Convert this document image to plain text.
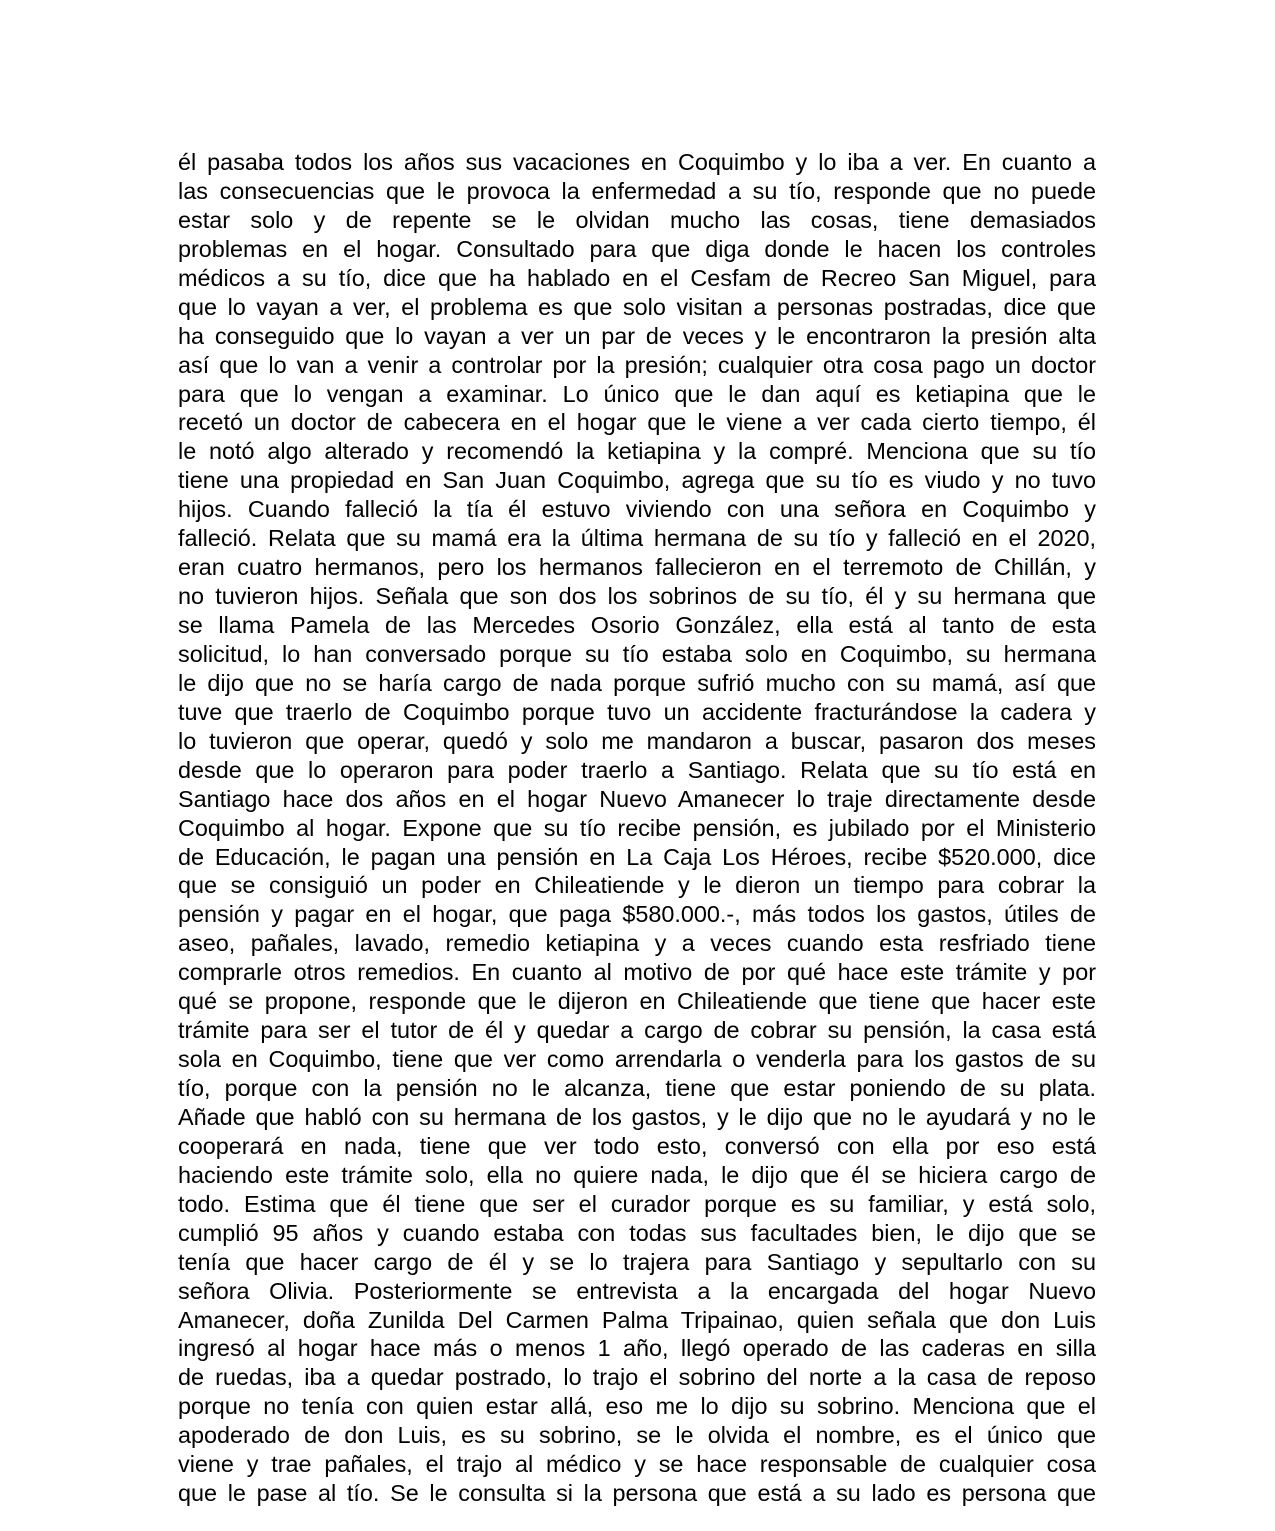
él pasaba todos los años sus vacaciones en Coquimbo y lo iba a ver. En cuanto a
las consecuencias que le provoca la enfermedad a su tío, responde que no puede
estar solo y de repente se le olvidan mucho las cosas, tiene demasiados
problemas en el hogar. Consultado para que diga donde le hacen los controles
médicos a su tío, dice que ha hablado en el Cesfam de Recreo San Miguel, para
que lo vayan a ver, el problema es que solo visitan a personas postradas, dice que
ha conseguido que lo vayan a ver un par de veces y le encontraron la presión alta
así que lo van a venir a controlar por la presión; cualquier otra cosa pago un doctor
para que lo vengan a examinar. Lo único que le dan aquí es ketiapina que le
recetó un doctor de cabecera en el hogar que le viene a ver cada cierto tiempo, él
le notó algo alterado y recomendó la ketiapina y la compré. Menciona que su tío
tiene una propiedad en San Juan Coquimbo, agrega que su tío es viudo y no tuvo
hijos. Cuando falleció la tía él estuvo viviendo con una señora en Coquimbo y
falleció. Relata que su mamá era la última hermana de su tío y falleció en el 2020,
eran cuatro hermanos, pero los hermanos fallecieron en el terremoto de Chillán, y
no tuvieron hijos. Señala que son dos los sobrinos de su tío, él y su hermana que
se llama Pamela de las Mercedes Osorio González, ella está al tanto de esta
solicitud, lo han conversado porque su tío estaba solo en Coquimbo, su hermana
le dijo que no se haría cargo de nada porque sufrió mucho con su mamá, así que
tuve que traerlo de Coquimbo porque tuvo un accidente fracturándose la cadera y
lo tuvieron que operar, quedó y solo me mandaron a buscar, pasaron dos meses
desde que lo operaron para poder traerlo a Santiago. Relata que su tío está en
Santiago hace dos años en el hogar Nuevo Amanecer lo traje directamente desde
Coquimbo al hogar. Expone que su tío recibe pensión, es jubilado por el Ministerio
de Educación, le pagan una pensión en La Caja Los Héroes, recibe $520.000, dice
que se consiguió un poder en Chileatiende y le dieron un tiempo para cobrar la
pensión y pagar en el hogar, que paga $580.000.-, más todos los gastos, útiles de
aseo, pañales, lavado, remedio ketiapina y a veces cuando esta resfriado tiene
comprarle otros remedios. En cuanto al motivo de por qué hace este trámite y por
qué se propone, responde que le dijeron en Chileatiende que tiene que hacer este
trámite para ser el tutor de él y quedar a cargo de cobrar su pensión, la casa está
sola en Coquimbo, tiene que ver como arrendarla o venderla para los gastos de su
tío, porque con la pensión no le alcanza, tiene que estar poniendo de su plata.
Añade que habló con su hermana de los gastos, y le dijo que no le ayudará y no le
cooperará en nada, tiene que ver todo esto, conversó con ella por eso está
haciendo este trámite solo, ella no quiere nada, le dijo que él se hiciera cargo de
todo. Estima que él tiene que ser el curador porque es su familiar, y está solo,
cumplió 95 años y cuando estaba con todas sus facultades bien, le dijo que se
tenía que hacer cargo de él y se lo trajera para Santiago y sepultarlo con su
señora Olivia. Posteriormente se entrevista a la encargada del hogar Nuevo
Amanecer, doña Zunilda Del Carmen Palma Tripainao, quien señala que don Luis
ingresó al hogar hace más o menos 1 año, llegó operado de las caderas en silla
de ruedas, iba a quedar postrado, lo trajo el sobrino del norte a la casa de reposo
porque no tenía con quien estar allá, eso me lo dijo su sobrino. Menciona que el
apoderado de don Luis, es su sobrino, se le olvida el nombre, es el único que
viene y trae pañales, el trajo al médico y se hace responsable de cualquier cosa
que le pase al tío. Se le consulta si la persona que está a su lado es persona que
